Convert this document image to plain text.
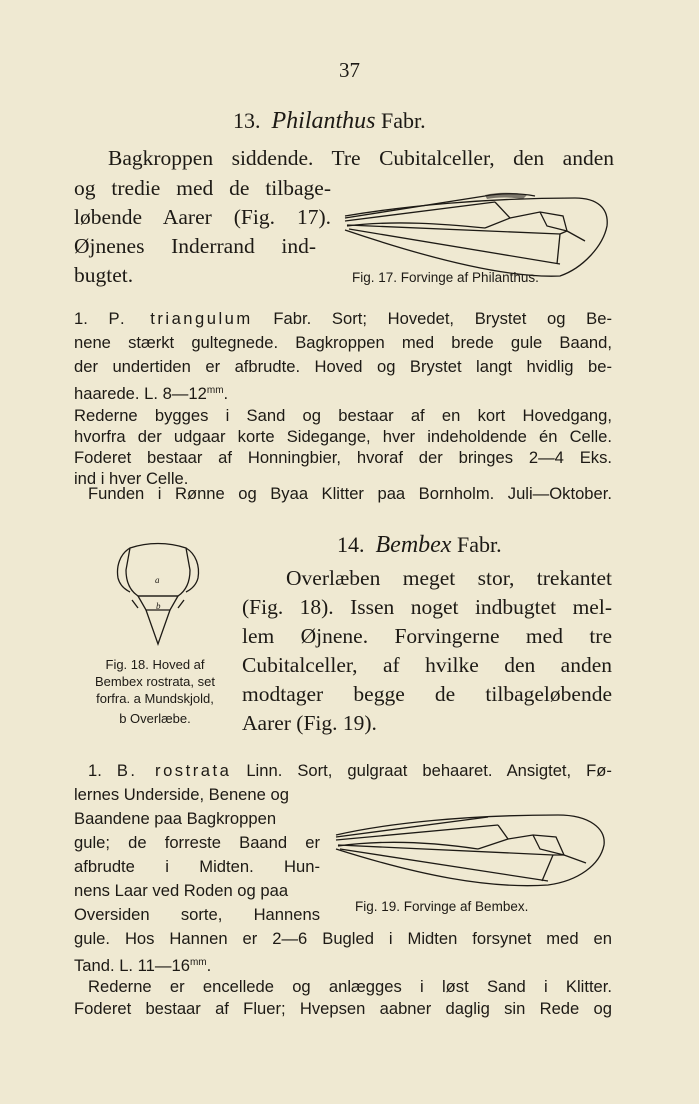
37
13. Philanthus Fabr.
Bagkroppen siddende. Tre Cubitalceller, den anden
og tredie med de tilbage-
løbende Aarer (Fig. 17).
Øjnenes Inderrand ind-
bugtet.	Fig. 17. Forvinge af Philanthus.
1. P. triangulum Fabr. Sort; Hovedet, Brystet og Be-
nene stærkt gultegnede. Bagkroppen med brede gule Baand,
der undertiden er afbrudte. Hoved og Brystet langt hvidlig be-
haarede. L. $8—12^{mm}$.
Rederne bygges i Sand og bestaar af en kort Hovedgang,
hvorfra der udgaar korte Sidegange, hver indeholdende én Celle.
Foderet bestaar af Honningbier, hvoraf der bringes 2—4 Eks.
ind i hver Celle.
Funden i Rønne og Byaa Klitter paa Bornholm. Juli—Oktober.
14. Bembex Fabr.
a
b
Fig. 18. Hoved af
Bembex rostrata, set
forfra. a Mundskjold,
b Overlæbe.
Overlæben meget stor, trekantet
(Fig. 18). Issen noget indbugtet mel-
lem Øjnene. Forvingerne med tre
Cubitalceller, af hvilke den anden
modtager begge de tilbageløbende
Aarer (Fig. 19).
1. B. rostrata Linn. Sort, gulgraat behaaret. Ansigtet, Fø-
lernes Underside, Benene og
Baandene paa Bagkroppen
gule; de forreste Baand er
afbrudte i Midten. Hun-
nens Laar ved Roden og paa
Oversiden sorte, Hannens
gule. Hos Hannen er 2—6 Bugled i Midten forsynet med en
Tand. L. $11—16^{mm}$.
Fig. 19. Forvinge af Bembex.
Rederne er encellede og anlægges i løst Sand i Klitter.
Foderet bestaar af Fluer; Hvepsen aabner daglig sin Rede og
